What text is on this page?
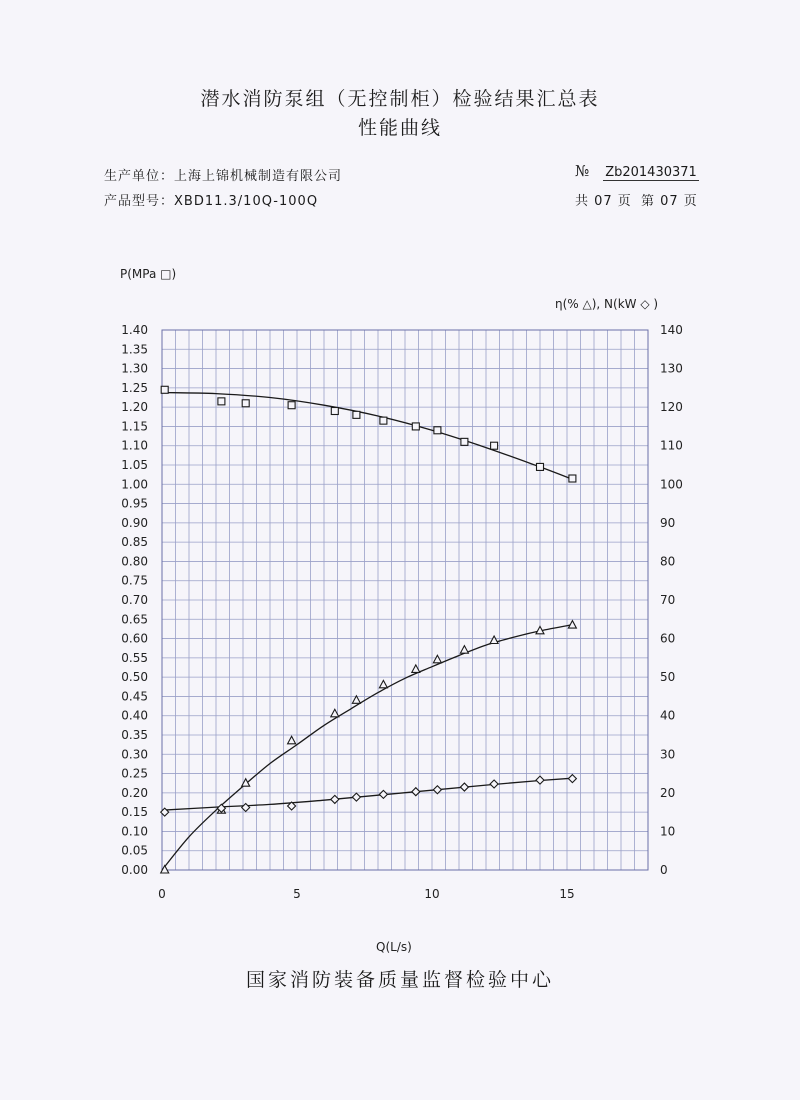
潜水消防泵组（无控制柜）检验结果汇总表
性能曲线
生产单位：上海上锦机械制造有限公司
产品型号：XBD11.3/10Q-100Q
№ Zb201430371
共 07 页 第 07 页
P(MPa □)
η(% △), N(kW ◇ )
Q(L/s)
0.00
0.05
0.10
0.15
0.20
0.25
0.30
0.35
0.40
0.45
0.50
0.55
0.60
0.65
0.70
0.75
0.80
0.85
0.90
0.95
1.00
1.05
1.10
1.15
1.20
1.25
1.30
1.35
1.40
0
10
20
30
40
50
60
70
80
90
100
110
120
130
140
0	5	10	15
国家消防装备质量监督检验中心
